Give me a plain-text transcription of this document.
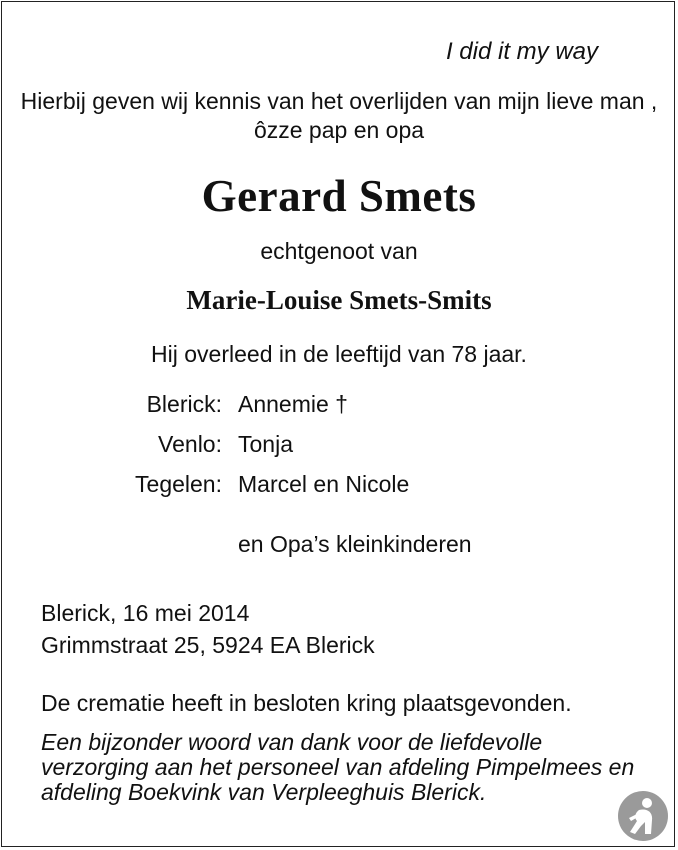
I did it my way
Hierbij geven wij kennis van het overlijden van mijn lieve man , ôzze pap en opa
Gerard Smets
echtgenoot van
Marie-Louise Smets-Smits
Hij overleed in de leeftijd van 78 jaar.
Blerick: Annemie †
Venlo: Tonja
Tegelen: Marcel en Nicole
en Opa’s kleinkinderen
Blerick, 16 mei 2014
Grimmstraat 25, 5924 EA Blerick
De crematie heeft in besloten kring plaatsgevonden.
Een bijzonder woord van dank voor de liefdevolle verzorging aan het personeel van afdeling Pimpelmees en afdeling Boekvink van Verpleeghuis Blerick.
